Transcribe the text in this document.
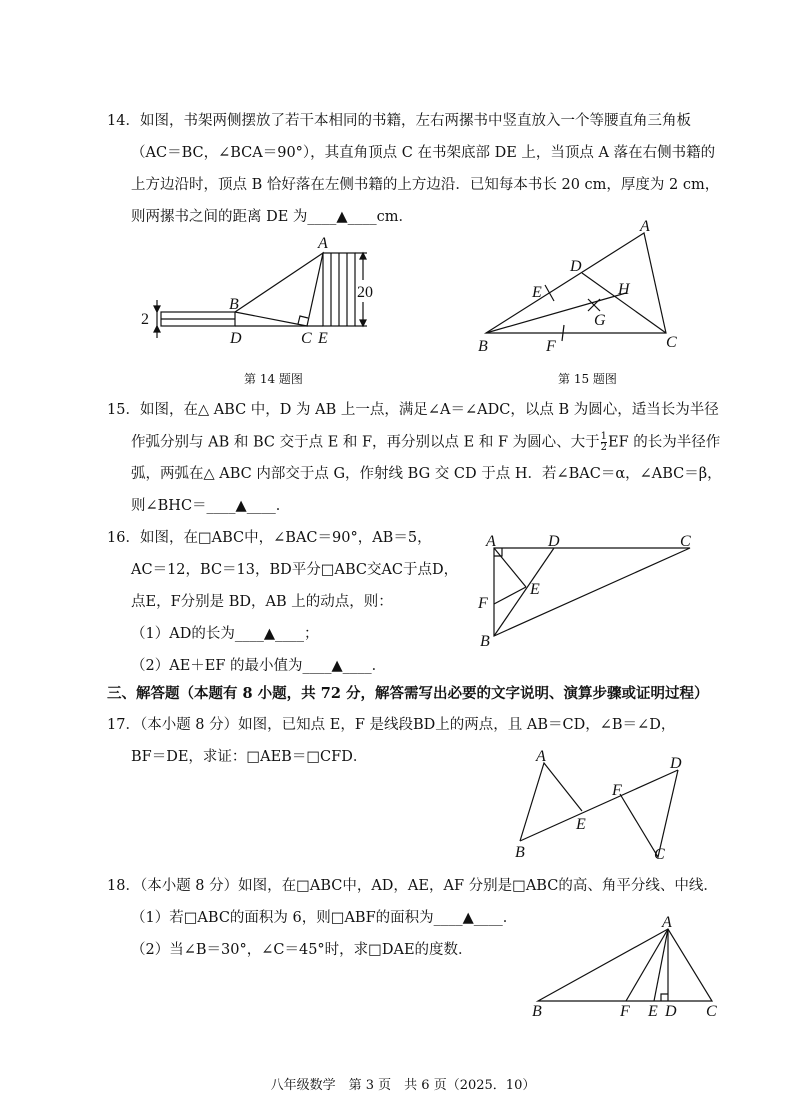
14．如图，书架两侧摆放了若干本相同的书籍，左右两摞书中竖直放入一个等腰直角三角板
（AC＝BC，∠BCA＝90°），其直角顶点 C 在书架底部 DE 上，当顶点 A 落在右侧书籍的
上方边沿时，顶点 B 恰好落在左侧书籍的上方边沿．已知每本书长 20 cm，厚度为 2 cm，
则两摞书之间的距离 DE 为____▲____cm．
A
B
C
D	E
2
20
第 14 题图
A
B	C
D
E
F
G
H
第 15 题图
15．如图，在△ ABC 中，D 为 AB 上一点，满足∠A＝∠ADC，以点 B 为圆心，适当长为半径
作弧分别与 AB 和 BC 交于点 E 和 F，再分别以点 E 和 F 为圆心、大于 $\frac{1}{2}$ EF 的长为半径作
弧，两弧在△ ABC 内部交于点 G，作射线 BG 交 CD 于点 H．若∠BAC＝α，∠ABC＝β，
则∠BHC＝____▲____．
16．如图，在□ABC中，∠BAC＝90°，AB＝5，
AC＝12，BC＝13，BD平分□ABC交AC于点D，
点E，F分别是 BD，AB 上的动点，则：
（1）AD的长为____▲____；
（2）AE＋EF 的最小值为____▲____．
A
B
C
D
E
F
三、解答题（本题有 8 小题，共 72 分，解答需写出必要的文字说明、演算步骤或证明过程）
17．（本小题 8 分）如图，已知点 E，F 是线段BD上的两点，且 AB＝CD，∠B＝∠D，
BF＝DE，求证：□AEB＝□CFD．	A
B	C
D
E
F
18．（本小题 8 分）如图，在□ABC中，AD，AE，AF 分别是□ABC的高、角平分线、中线．
（1）若□ABC的面积为 6，则□ABF的面积为____▲____．
（2）当∠B＝30°，∠C＝45°时，求□DAE的度数．
A
B	C
D
E
F
八年级数学　第 3 页　共 6 页（2025．10）
